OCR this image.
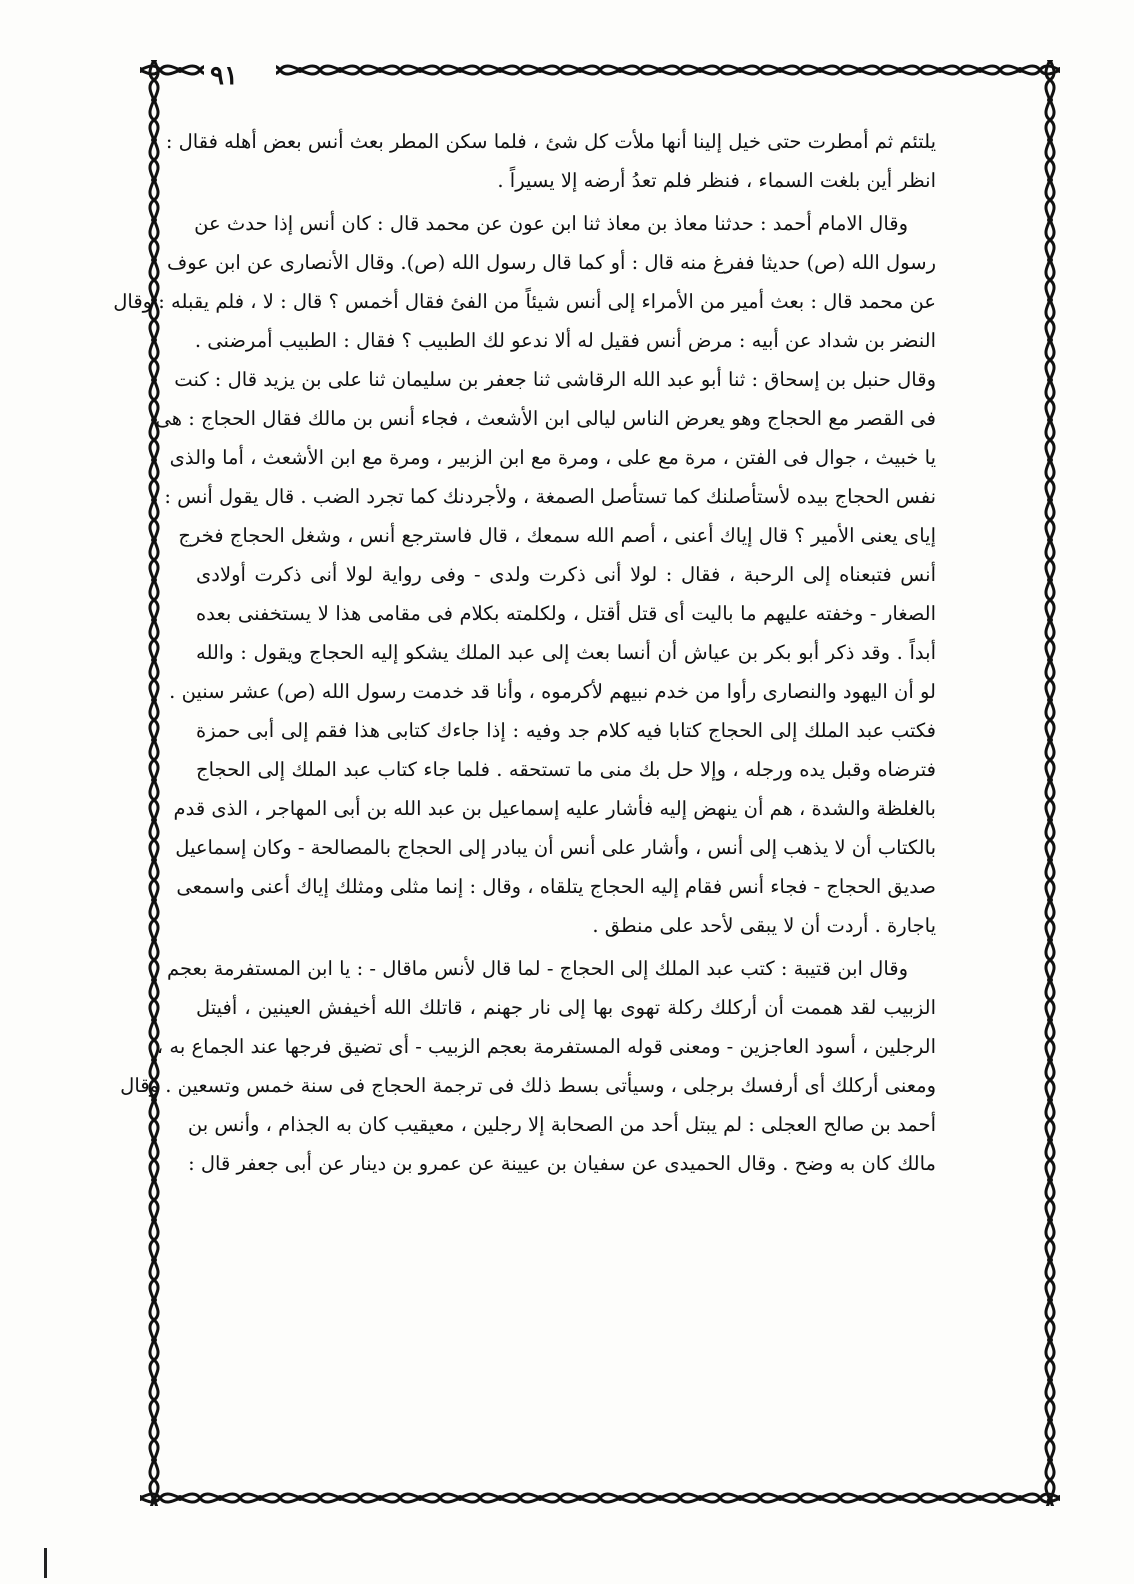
٩١
يلتئم ثم أمطرت حتى خيل إلينا أنها ملأت كل شئ ، فلما سكن المطر بعث أنس بعض أهله فقال :
انظر أين بلغت السماء ، فنظر فلم تعدُ أرضه إلا يسيراً .
وقال الامام أحمد : حدثنا معاذ بن معاذ ثنا ابن عون عن محمد قال : كان أنس إذا حدث عن
رسول الله (ص) حديثا ففرغ منه قال : أو كما قال رسول الله (ص). وقال الأنصارى عن ابن عوف
عن محمد قال : بعث أمير من الأمراء إلى أنس شيئاً من الفئ فقال أخمس ؟ قال : لا ، فلم يقبله : وقال
النضر بن شداد عن أبيه : مرض أنس فقيل له ألا ندعو لك الطبيب ؟ فقال : الطبيب أمرضنى .
وقال حنبل بن إسحاق : ثنا أبو عبد الله الرقاشى ثنا جعفر بن سليمان ثنا على بن يزيد قال : كنت
فى القصر مع الحجاج وهو يعرض الناس ليالى ابن الأشعث ، فجاء أنس بن مالك فقال الحجاج : هى
يا خبيث ، جوال فى الفتن ، مرة مع على ، ومرة مع ابن الزبير ، ومرة مع ابن الأشعث ، أما والذى
نفس الحجاج بيده لأستأصلنك كما تستأصل الصمغة ، ولأجردنك كما تجرد الضب . قال يقول أنس :
إياى يعنى الأمير ؟ قال إياك أعنى ، أصم الله سمعك ، قال فاسترجع أنس ، وشغل الحجاج فخرج
أنس فتبعناه إلى الرحبة ، فقال : لولا أنى ذكرت ولدى - وفى رواية لولا أنى ذكرت أولادى
الصغار - وخفته عليهم ما باليت أى قتل أقتل ، ولكلمته بكلام فى مقامى هذا لا يستخفنى بعده
أبداً . وقد ذكر أبو بكر بن عياش أن أنسا بعث إلى عبد الملك يشكو إليه الحجاج ويقول : والله
لو أن اليهود والنصارى رأوا من خدم نبيهم لأكرموه ، وأنا قد خدمت رسول الله (ص) عشر سنين .
فكتب عبد الملك إلى الحجاج كتابا فيه كلام جد وفيه : إذا جاءك كتابى هذا فقم إلى أبى حمزة
فترضاه وقبل يده ورجله ، وإلا حل بك منى ما تستحقه . فلما جاء كتاب عبد الملك إلى الحجاج
بالغلظة والشدة ، هم أن ينهض إليه فأشار عليه إسماعيل بن عبد الله بن أبى المهاجر ، الذى قدم
بالكتاب أن لا يذهب إلى أنس ، وأشار على أنس أن يبادر إلى الحجاج بالمصالحة - وكان إسماعيل
صديق الحجاج - فجاء أنس فقام إليه الحجاج يتلقاه ، وقال : إنما مثلى ومثلك إياك أعنى واسمعى
ياجارة . أردت أن لا يبقى لأحد على منطق .
وقال ابن قتيبة : كتب عبد الملك إلى الحجاج - لما قال لأنس ماقال - : يا ابن المستفرمة بعجم
الزبيب لقد هممت أن أركلك ركلة تهوى بها إلى نار جهنم ، قاتلك الله أخيفش العينين ، أفيتل
الرجلين ، أسود العاجزين - ومعنى قوله المستفرمة بعجم الزبيب - أى تضيق فرجها عند الجماع به ،
ومعنى أركلك أى أرفسك برجلى ، وسيأتى بسط ذلك فى ترجمة الحجاج فى سنة خمس وتسعين . وقال
أحمد بن صالح العجلى : لم يبتل أحد من الصحابة إلا رجلين ، معيقيب كان به الجذام ، وأنس بن
مالك كان به وضح . وقال الحميدى عن سفيان بن عيينة عن عمرو بن دينار عن أبى جعفر قال :
